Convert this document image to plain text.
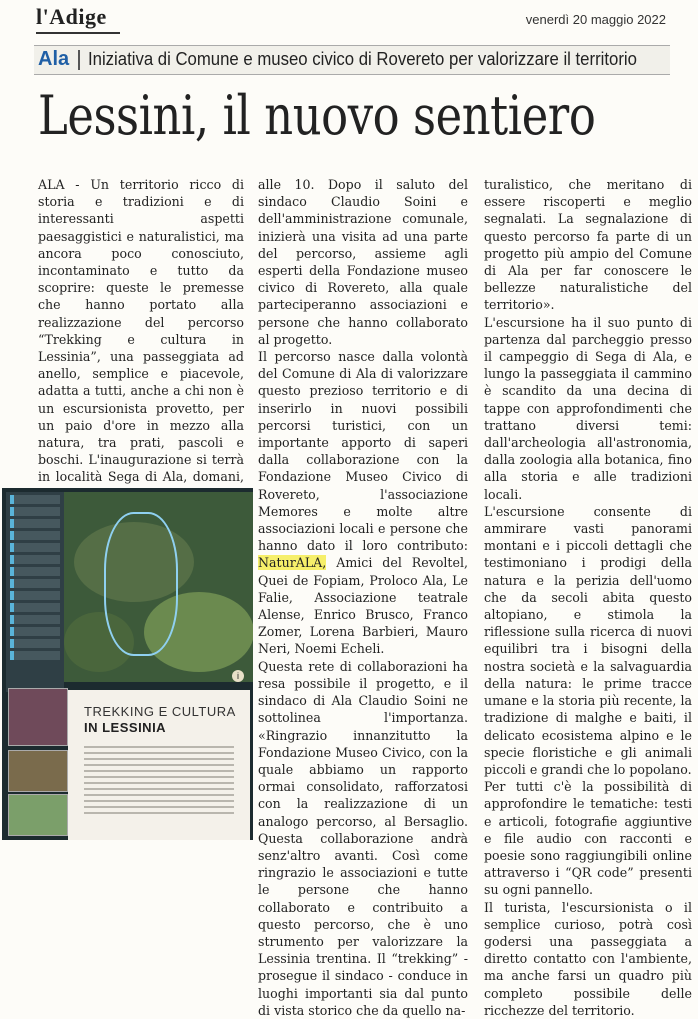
l'Adige	venerdì 20 maggio 2022
Ala Iniziativa di Comune e museo civico di Rovereto per valorizzare il territorio
Lessini, il nuovo sentiero

ALA - Un territorio ricco di storia e tradizioni e di interessanti aspetti paesaggistici e naturalistici, ma ancora poco conosciuto, incontaminato e tutto da scoprire: queste le premesse che hanno portato alla realizzazione del percorso “Trekking e cultura in Lessinia”, una passeggiata ad anello, semplice e piacevole, adatta a tutti, anche a chi non è un escursionista provetto, per un paio d'ore in mezzo alla natura, tra prati, pascoli e boschi. L'inaugurazione si terrà in località Sega di Ala, domani,

alle 10. Dopo il saluto del sindaco Claudio Soini e dell'amministrazione comunale, inizierà una visita ad una parte del percorso, assieme agli esperti della Fondazione museo civico di Rovereto, alla quale parteciperanno associazioni e persone che hanno collaborato al progetto.

Il percorso nasce dalla volontà del Comune di Ala di valorizzare questo prezioso territorio e di inserirlo in nuovi possibili percorsi turistici, con un importante apporto di saperi dalla collaborazione con la Fondazione Museo Civico di Rovereto, l'associazione Memores e molte altre associazioni locali e persone che hanno dato il loro contributo: NaturALA, Amici del Revoltel, Quei de Fopiam, Proloco Ala, Le Falie, Associazione teatrale Alense, Enrico Brusco, Franco Zomer, Lorena Barbieri, Mauro Neri, Noemi Echeli.

Questa rete di collaborazioni ha resa possibile il progetto, e il sindaco di Ala Claudio Soini ne sottolinea l'importanza. «Ringrazio innanzitutto la Fondazione Museo Civico, con la quale abbiamo un rapporto ormai consolidato, rafforzatosi con la realizzazione di un analogo percorso, al Bersaglio. Questa collaborazione andrà senz'altro avanti. Così come ringrazio le associazioni e tutte le persone che hanno collaborato e contribuito a questo percorso, che è uno strumento per valorizzare la Lessinia trentina. Il “trekking” - prosegue il sindaco - conduce in luoghi importanti sia dal punto di vista storico che da quello na-

turalistico, che meritano di essere riscoperti e meglio segnalati. La segnalazione di questo percorso fa parte di un progetto più ampio del Comune di Ala per far conoscere le bellezze naturalistiche del territorio».

L'escursione ha il suo punto di partenza dal parcheggio presso il campeggio di Sega di Ala, e lungo la passeggiata il cammino è scandito da una decina di tappe con approfondimenti che trattano diversi temi: dall'archeologia all'astronomia, dalla zoologia alla botanica, fino alla storia e alle tradizioni locali.

L'escursione consente di ammirare vasti panorami montani e i piccoli dettagli che testimoniano i prodigi della natura e la perizia dell'uomo che da secoli abita questo altopiano, e stimola la riflessione sulla ricerca di nuovi equilibri tra i bisogni della nostra società e la salvaguardia della natura: le prime tracce umane e la storia più recente, la tradizione di malghe e baiti, il delicato ecosistema alpino e le specie floristiche e gli animali piccoli e grandi che lo popolano.

Per tutti c'è la possibilità di approfondire le tematiche: testi e articoli, fotografie aggiuntive e file audio con racconti e poesie sono raggiungibili online attraverso i “QR code” presenti su ogni pannello.

Il turista, l'escursionista o il semplice curioso, potrà così godersi una passeggiata a diretto contatto con l'ambiente, ma anche farsi un quadro più completo possibile delle ricchezze del territorio.

TREKKING E CULTURA
IN LESSINIA
i
